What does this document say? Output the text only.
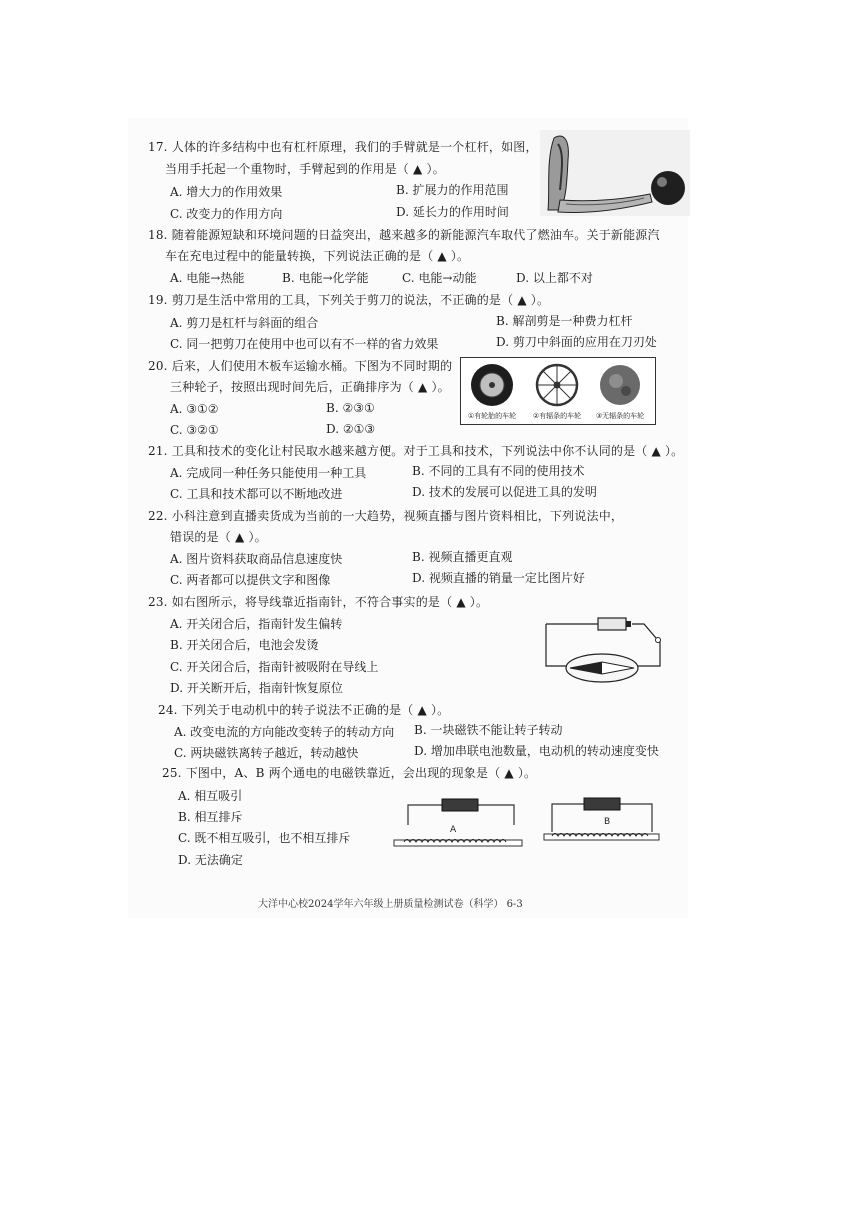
17. 人体的许多结构中也有杠杆原理，我们的手臂就是一个杠杆，如图，
当用手托起一个重物时，手臂起到的作用是（ ▲ ）。
A. 增大力的作用效果	B. 扩展力的作用范围
C. 改变力的作用方向	D. 延长力的作用时间
18. 随着能源短缺和环境问题的日益突出，越来越多的新能源汽车取代了燃油车。关于新能源汽
车在充电过程中的能量转换，下列说法正确的是（ ▲ ）。
A. 电能→热能	B. 电能→化学能	C. 电能→动能	D. 以上都不对
19. 剪刀是生活中常用的工具，下列关于剪刀的说法，不正确的是（ ▲ ）。
A. 剪刀是杠杆与斜面的组合	B. 解剖剪是一种费力杠杆
C. 同一把剪刀在使用中也可以有不一样的省力效果	D. 剪刀中斜面的应用在刀刃处
20. 后来，人们使用木板车运输水桶。下图为不同时期的
三种轮子，按照出现时间先后，正确排序为（ ▲ ）。
A. ③①②	B. ②③①
C. ③②①	D. ②①③
①有轮胎的车轮 ②有辐条的车轮 ③无辐条的车轮
21. 工具和技术的变化让村民取水越来越方便。对于工具和技术，下列说法中你不认同的是（ ▲ ）。
A. 完成同一种任务只能使用一种工具	B. 不同的工具有不同的使用技术
C. 工具和技术都可以不断地改进	D. 技术的发展可以促进工具的发明
22. 小科注意到直播卖货成为当前的一大趋势，视频直播与图片资料相比，下列说法中，
错误的是（ ▲ ）。
A. 图片资料获取商品信息速度快	B. 视频直播更直观
C. 两者都可以提供文字和图像	D. 视频直播的销量一定比图片好
23. 如右图所示，将导线靠近指南针，不符合事实的是（ ▲ ）。
A. 开关闭合后，指南针发生偏转
B. 开关闭合后，电池会发烫
C. 开关闭合后，指南针被吸附在导线上
D. 开关断开后，指南针恢复原位
24. 下列关于电动机中的转子说法不正确的是（ ▲ ）。
A. 改变电流的方向能改变转子的转动方向 B. 一块磁铁不能让转子转动
C. 两块磁铁离转子越近，转动越快	D. 增加串联电池数量，电动机的转动速度变快
25. 下图中，A、B 两个通电的电磁铁靠近，会出现的现象是（ ▲ ）。
A. 相互吸引
B. 相互排斥
C. 既不相互吸引，也不相互排斥
D. 无法确定
A
B
大洋中心校2024学年六年级上册质量检测试卷（科学） 6-3
